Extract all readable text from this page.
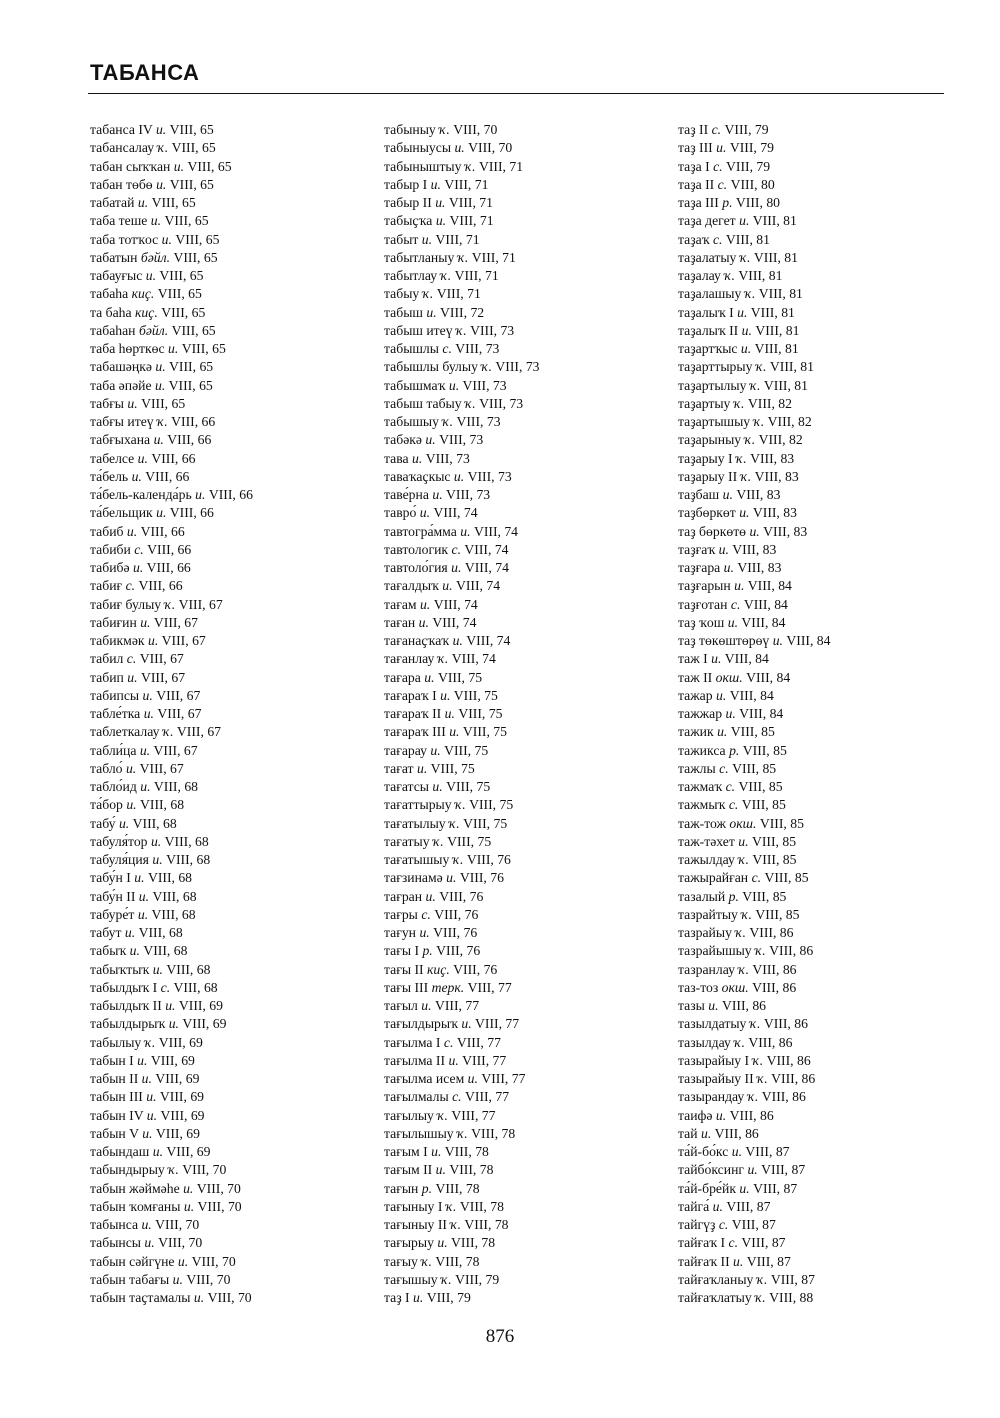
ТАБАНСА
табанса IV и. VIII, 65
табансалау ҡ. VIII, 65
табан сыҡҡан и. VIII, 65
табан төбө и. VIII, 65
табатай и. VIII, 65
таба теше и. VIII, 65
таба тотҡос и. VIII, 65
табатын бәйл. VIII, 65
табауғыс и. VIII, 65
табаһа киҫ. VIII, 65
та баһа киҫ. VIII, 65
табаһан бәйл. VIII, 65
таба һөрткөс и. VIII, 65
табашәңкә и. VIII, 65
таба әпәйе и. VIII, 65
табғы и. VIII, 65
табғы итеү ҡ. VIII, 66
табғыхана и. VIII, 66
табелсе и. VIII, 66
та́бель и. VIII, 66
та́бель-календа́рь и. VIII, 66
та́бельщик и. VIII, 66
табиб и. VIII, 66
табиби с. VIII, 66
табибә и. VIII, 66
табиғ с. VIII, 66
табиғ булыу ҡ. VIII, 67
табиғин и. VIII, 67
табикмәк и. VIII, 67
табил с. VIII, 67
табип и. VIII, 67
табипсы и. VIII, 67
табле́тка и. VIII, 67
таблеткалау ҡ. VIII, 67
табли́ца и. VIII, 67
табло́ и. VIII, 67
табло́ид и. VIII, 68
та́бор и. VIII, 68
табу́ и. VIII, 68
табуля́тор и. VIII, 68
табуля́ция и. VIII, 68
табу́н I и. VIII, 68
табу́н II и. VIII, 68
табуре́т и. VIII, 68
табут и. VIII, 68
табыҡ и. VIII, 68
табыҡтыҡ и. VIII, 68
табылдыҡ I с. VIII, 68
табылдыҡ II и. VIII, 69
табылдырыҡ и. VIII, 69
табылыу ҡ. VIII, 69
табын I и. VIII, 69
табын II и. VIII, 69
табын III и. VIII, 69
табын IV и. VIII, 69
табын V и. VIII, 69
табындаш и. VIII, 69
табындырыу ҡ. VIII, 70
табын жәймәһе и. VIII, 70
табын ҡомғаны и. VIII, 70
табынса и. VIII, 70
табынсы и. VIII, 70
табын сәйгүне и. VIII, 70
табын табағы и. VIII, 70
табын таҫтамалы и. VIII, 70
табыныу ҡ. VIII, 70
табыныусы и. VIII, 70
табыныштыу ҡ. VIII, 71
табыр I и. VIII, 71
табыр II и. VIII, 71
табыҫҡа и. VIII, 71
табыт и. VIII, 71
табытланыу ҡ. VIII, 71
табытлау ҡ. VIII, 71
табыу ҡ. VIII, 71
табыш и. VIII, 72
табыш итеү ҡ. VIII, 73
табышлы с. VIII, 73
табышлы булыу ҡ. VIII, 73
табышмаҡ и. VIII, 73
табыш табыу ҡ. VIII, 73
табышыу ҡ. VIII, 73
табәкә и. VIII, 73
тава и. VIII, 73
таваҡаҫкыс и. VIII, 73
таве́рна и. VIII, 73
тавро́ и. VIII, 74
тавтогра́мма и. VIII, 74
тавтологик с. VIII, 74
тавтоло́гия и. VIII, 74
тағалдыҡ и. VIII, 74
тағам и. VIII, 74
таған и. VIII, 74
тағанаҫҡаҡ и. VIII, 74
тағанлау ҡ. VIII, 74
тағара и. VIII, 75
тағараҡ I и. VIII, 75
тағараҡ II и. VIII, 75
тағараҡ III и. VIII, 75
тағарау и. VIII, 75
тағат и. VIII, 75
тағатсы и. VIII, 75
тағаттырыу ҡ. VIII, 75
тағатылыу ҡ. VIII, 75
тағатыу ҡ. VIII, 75
тағатышыу ҡ. VIII, 76
тағзинамә и. VIII, 76
тағран и. VIII, 76
тағры с. VIII, 76
тағун и. VIII, 76
тағы I р. VIII, 76
тағы II киҫ. VIII, 76
тағы III терк. VIII, 77
тағыл и. VIII, 77
тағылдырыҡ и. VIII, 77
тағылма I с. VIII, 77
тағылма II и. VIII, 77
тағылма исем и. VIII, 77
тағылмалы с. VIII, 77
тағылыу ҡ. VIII, 77
тағылышыу ҡ. VIII, 78
тағым I и. VIII, 78
тағым II и. VIII, 78
тағын р. VIII, 78
тағыныу I ҡ. VIII, 78
тағыныу II ҡ. VIII, 78
тағырыу и. VIII, 78
тағыу ҡ. VIII, 78
тағышыу ҡ. VIII, 79
таҙ I и. VIII, 79
таҙ II с. VIII, 79
таҙ III и. VIII, 79
таҙа I с. VIII, 79
таҙа II с. VIII, 80
таҙа III р. VIII, 80
таҙа дегет и. VIII, 81
таҙаҡ с. VIII, 81
таҙалатыу ҡ. VIII, 81
таҙалау ҡ. VIII, 81
таҙалашыу ҡ. VIII, 81
таҙалыҡ I и. VIII, 81
таҙалыҡ II и. VIII, 81
таҙартҡыс и. VIII, 81
таҙарттырыу ҡ. VIII, 81
таҙартылыу ҡ. VIII, 81
таҙартыу ҡ. VIII, 82
таҙартышыу ҡ. VIII, 82
таҙарыныу ҡ. VIII, 82
таҙарыу I ҡ. VIII, 83
таҙарыу II ҡ. VIII, 83
таҙбаш и. VIII, 83
таҙбөркөт и. VIII, 83
таҙ бөркөтө и. VIII, 83
таҙғаҡ и. VIII, 83
таҙғара и. VIII, 83
таҙғарын и. VIII, 84
таҙғотан с. VIII, 84
таҙ ҡош и. VIII, 84
таҙ төкөштөрөү и. VIII, 84
таж I и. VIII, 84
таж II окш. VIII, 84
тажар и. VIII, 84
тажжар и. VIII, 84
тажик и. VIII, 85
тажикса р. VIII, 85
тажлы с. VIII, 85
тажмаҡ с. VIII, 85
тажмыҡ с. VIII, 85
таж-тож окш. VIII, 85
таж-тәхет и. VIII, 85
тажылдау ҡ. VIII, 85
тажырайған с. VIII, 85
тазалый р. VIII, 85
тазрайтыу ҡ. VIII, 85
тазрайыу ҡ. VIII, 86
тазрайышыу ҡ. VIII, 86
тазранлау ҡ. VIII, 86
таз-тоз окш. VIII, 86
тазы и. VIII, 86
тазылдатыу ҡ. VIII, 86
тазылдау ҡ. VIII, 86
тазырайыу I ҡ. VIII, 86
тазырайыу II ҡ. VIII, 86
тазырандау ҡ. VIII, 86
таифә и. VIII, 86
тай и. VIII, 86
та́й-бо́кс и. VIII, 87
тайбо́ксинг и. VIII, 87
та́й-бре́йк и. VIII, 87
тайга́ и. VIII, 87
тайгүҙ с. VIII, 87
тайғаҡ I с. VIII, 87
тайғаҡ II и. VIII, 87
тайғаҡланыу ҡ. VIII, 87
тайғаҡлатыу ҡ. VIII, 88
876
